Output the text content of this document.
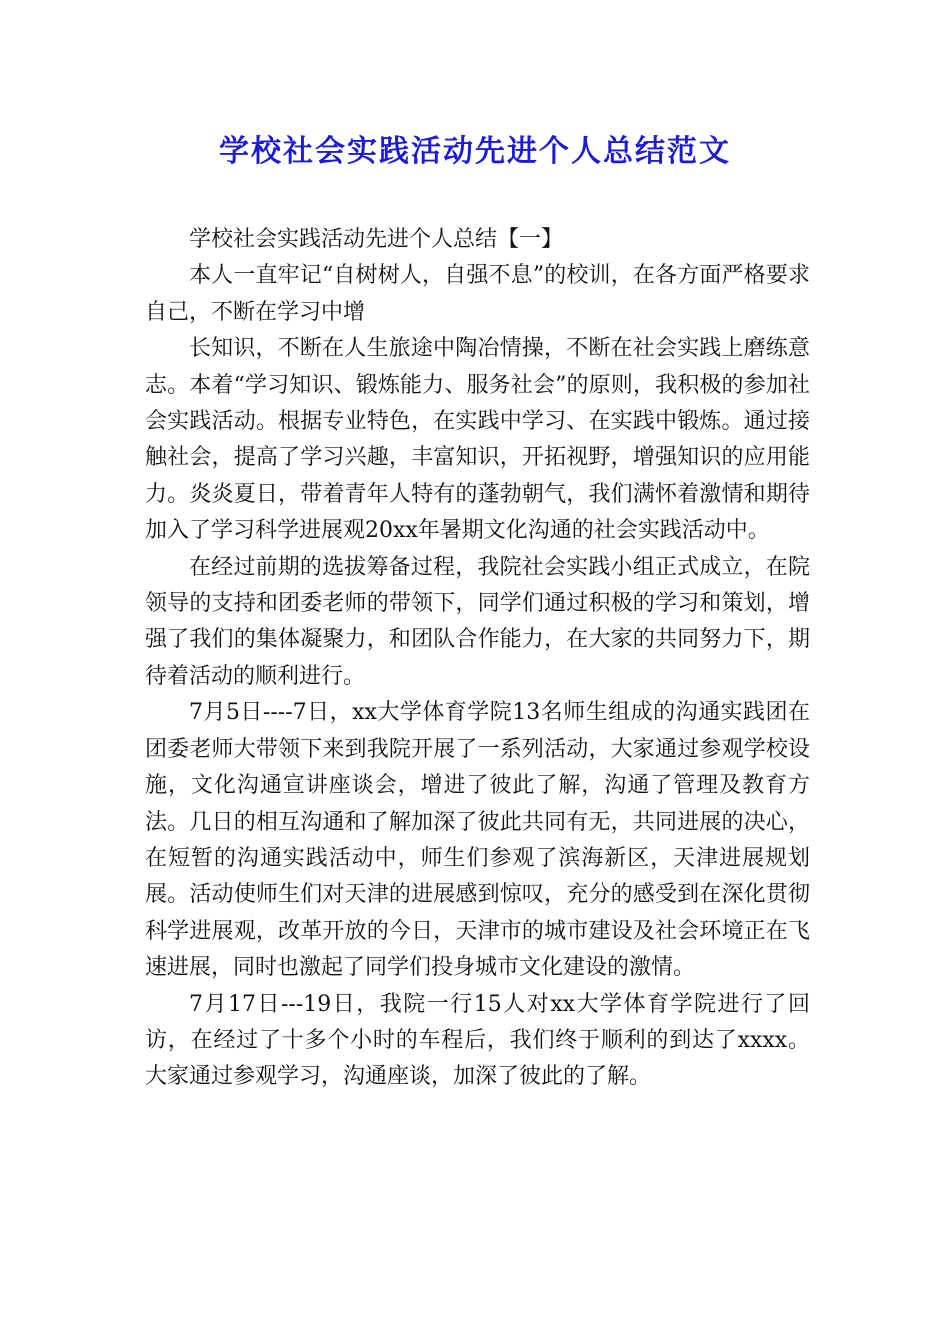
学校社会实践活动先进个人总结范文

学校社会实践活动先进个人总结【一】

本人一直牢记“自树树人，自强不息”的校训，在各方面严格要求自己，不断在学习中增

长知识，不断在人生旅途中陶冶情操，不断在社会实践上磨练意志。本着“学习知识、锻炼能力、服务社会”的原则，我积极的参加社会实践活动。根据专业特色，在实践中学习、在实践中锻炼。通过接触社会，提高了学习兴趣，丰富知识，开拓视野，增强知识的应用能力。炎炎夏日，带着青年人特有的蓬勃朝气，我们满怀着激情和期待加入了学习科学进展观20xx年暑期文化沟通的社会实践活动中。

在经过前期的选拔筹备过程，我院社会实践小组正式成立，在院领导的支持和团委老师的带领下，同学们通过积极的学习和策划，增强了我们的集体凝聚力，和团队合作能力，在大家的共同努力下，期待着活动的顺利进行。

7月5日----7日，xx大学体育学院13名师生组成的沟通实践团在团委老师大带领下来到我院开展了一系列活动，大家通过参观学校设施，文化沟通宣讲座谈会，增进了彼此了解，沟通了管理及教育方法。几日的相互沟通和了解加深了彼此共同有无，共同进展的决心，在短暂的沟通实践活动中，师生们参观了滨海新区，天津进展规划展。活动使师生们对天津的进展感到惊叹，充分的感受到在深化贯彻科学进展观，改革开放的今日，天津市的城市建设及社会环境正在飞速进展，同时也激起了同学们投身城市文化建设的激情。

7月17日---19日，我院一行15人对xx大学体育学院进行了回访，在经过了十多个小时的车程后，我们终于顺利的到达了xxxx。大家通过参观学习，沟通座谈，加深了彼此的了解。
